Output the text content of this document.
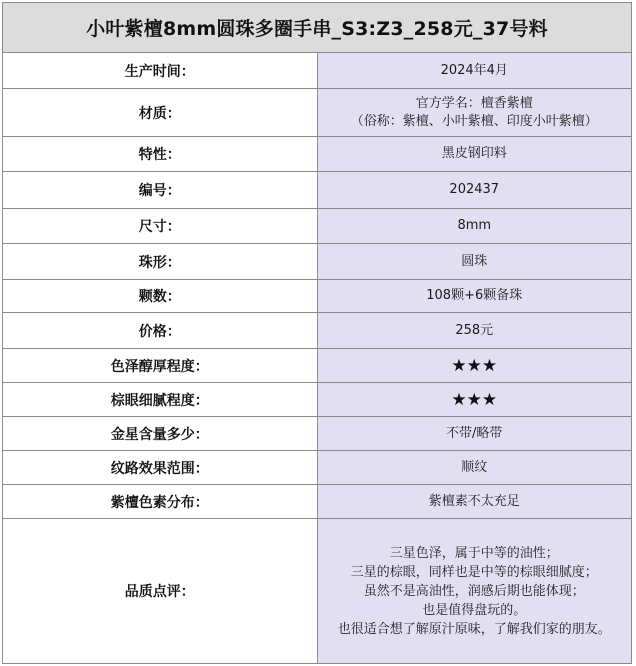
小叶紫檀8mm圆珠多圈手串_S3:Z3_258元_37号料	
生产时间：	2024年4月
材质：	官方学名：檀香紫檀
（俗称：紫檀、小叶紫檀、印度小叶紫檀）

特性：	黑皮钢印料
编号：	202437
尺寸：	8mm
珠形：	圆珠
颗数：	108颗+6颗备珠
价格：	258元
色泽醇厚程度：	★★★
棕眼细腻程度：	★★★
金星含量多少：	不带/略带
纹路效果范围：	顺纹
紫檀色素分布：	紫檀素不太充足
品质点评：	三星色泽，属于中等的油性；
三星的棕眼，同样也是中等的棕眼细腻度；
虽然不是高油性，润感后期也能体现；
也是值得盘玩的。
也很适合想了解原汁原味，了解我们家的朋友。
